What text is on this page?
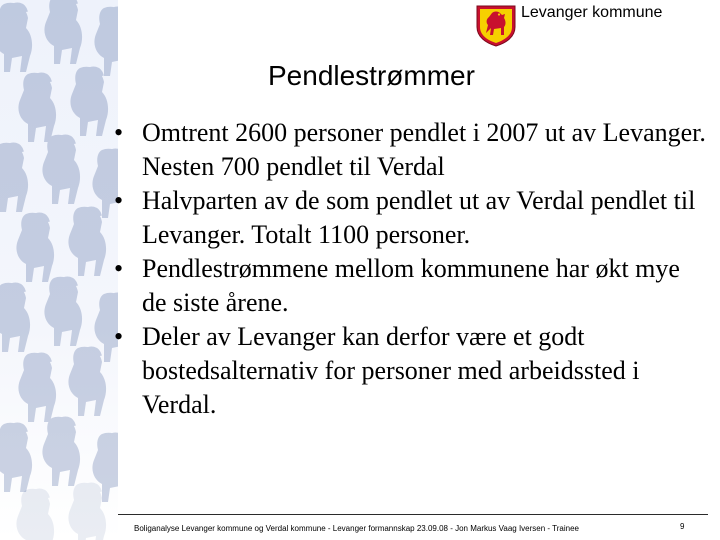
Levanger kommune
Pendlestrømmer
• Omtrent 2600 personer pendlet i 2007 ut av Levanger. Nesten 700 pendlet til Verdal
• Halvparten av de som pendlet ut av Verdal pendlet til Levanger. Totalt 1100 personer.
• Pendlestrømmene mellom kommunene har økt mye de siste årene.
• Deler av Levanger kan derfor være et godt bostedsalternativ for personer med arbeidssted i Verdal.
Boliganalyse Levanger kommune og Verdal kommune - Levanger formannskap 23.09.08 - Jon Markus Vaag Iversen - Trainee	9
